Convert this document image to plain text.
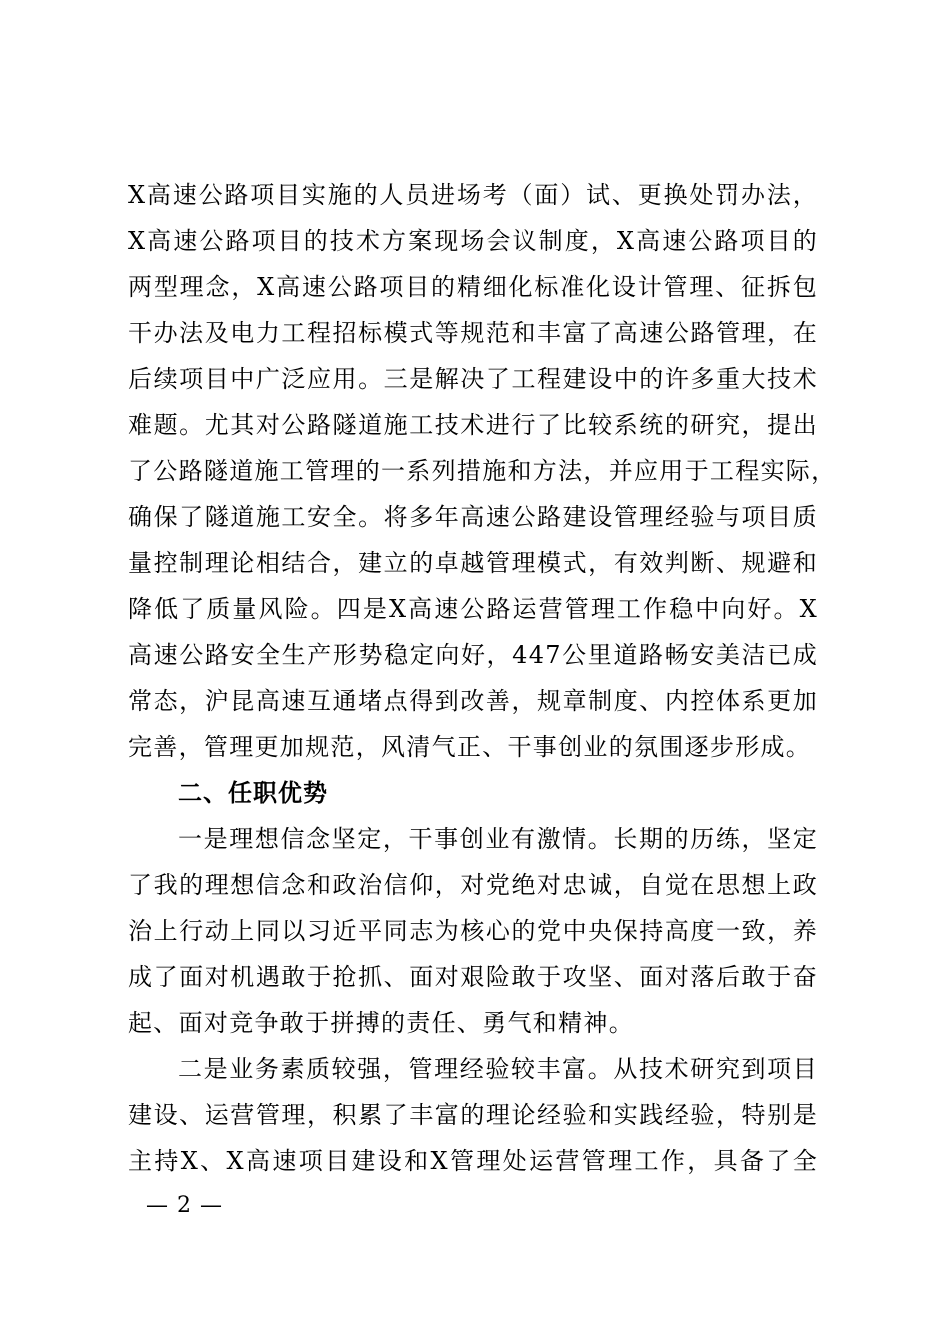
X高速公路项目实施的人员进场考（面）试、更换处罚办法，
X高速公路项目的技术方案现场会议制度，X高速公路项目的
两型理念，X高速公路项目的精细化标准化设计管理、征拆包
干办法及电力工程招标模式等规范和丰富了高速公路管理，在
后续项目中广泛应用。三是解决了工程建设中的许多重大技术
难题。尤其对公路隧道施工技术进行了比较系统的研究，提出
了公路隧道施工管理的一系列措施和方法，并应用于工程实际，
确保了隧道施工安全。将多年高速公路建设管理经验与项目质
量控制理论相结合，建立的卓越管理模式，有效判断、规避和
降低了质量风险。四是X高速公路运营管理工作稳中向好。X
高速公路安全生产形势稳定向好，447公里道路畅安美洁已成
常态，沪昆高速互通堵点得到改善，规章制度、内控体系更加
完善，管理更加规范，风清气正、干事创业的氛围逐步形成。
二、任职优势
一是理想信念坚定，干事创业有激情。长期的历练，坚定
了我的理想信念和政治信仰，对党绝对忠诚，自觉在思想上政
治上行动上同以习近平同志为核心的党中央保持高度一致，养
成了面对机遇敢于抢抓、面对艰险敢于攻坚、面对落后敢于奋
起、面对竞争敢于拼搏的责任、勇气和精神。
二是业务素质较强，管理经验较丰富。从技术研究到项目
建设、运营管理，积累了丰富的理论经验和实践经验，特别是
主持X、X高速项目建设和X管理处运营管理工作，具备了全
— 2 —
